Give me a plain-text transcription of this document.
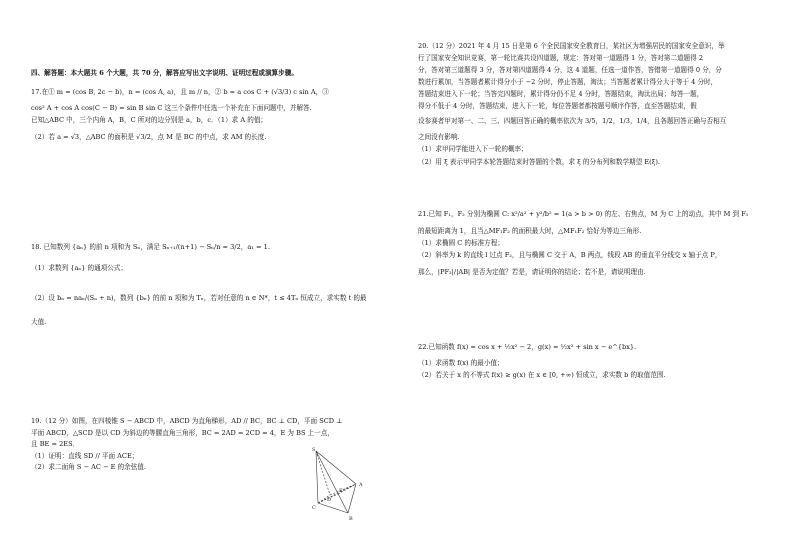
四、解答题：本大题共 6 个大题，共 70 分，解答应写出文字说明、证明过程或演算步骤。
17.在① m = (cos B, 2c − b)，n = (cos A, a)，且 m // n，② b = a cos C + (√3/3) c sin A，③
cos² A + cos A cos(C − B) = sin B sin C 这三个条件中任选一个补充在下面问题中，并解答.
已知△ABC 中，三个内角 A，B，C 所对的边分别是 a，b，c．（1）求 A 的值；
（2）若 a = √3，△ABC 的面积是 √3/2，点 M 是 BC 的中点，求 AM 的长度.
18. 已知数列 {aₙ} 的前 n 项和为 Sₙ，满足 Sₙ₊₁/(n+1) − Sₙ/n = 3/2，a₁ = 1.
（1）求数列 {aₙ} 的通项公式；
（2）设 bₙ = naₙ/(Sₙ + n)，数列 {bₙ} 的前 n 项和为 Tₙ，若对任意的 n ∈ N*，t ≤ 4Tₙ 恒成立，求实数 t 的最
大值.
19.（12 分）如图，在四棱锥 S − ABCD 中，ABCD 为直角梯形，AD // BC，BC ⊥ CD，平面 SCD ⊥
平面 ABCD，△SCD 是以 CD 为斜边的等腰直角三角形，BC = 2AD = 2CD = 4，E 为 BS 上一点，
且 BE = 2ES．
（1）证明：直线 SD // 平面 ACE；
（2）求二面角 S − AC − E 的余弦值.
S
A
B
C
D
E
20.（12 分）2021 年 4 月 15 日是第 6 个全民国家安全教育日，某社区为增强居民的国家安全意识，举
行了国家安全知识竞赛，第一轮比赛共设四道题，规定：答对第一道题得 1 分，答对第二道题得 2
分，答对第三道题得 3 分，答对第四道题得 4 分，这 4 道题，任选一道作答，答错第一道题得 0 分，分
数进行累加，当答题者累计得分小于 −2 分时，停止答题，淘汰；当答题者累计得分大于等于 4 分时，
答题结束进入下一轮；当答完四题时，累计得分仍不足 4 分时，答题结束，淘汰出局；每答一题，
得分不低于 4 分时，答题结束，进入下一轮，每位答题者都按题号顺序作答，直至答题结束，假
设参赛者甲对第一、二、三、四题回答正确的概率依次为 3/5，1/2，1/3，1/4，且各题回答正确与否相互
之间没有影响.
（1）求甲同学能进入下一轮的概率；
（2）用 ξ 表示甲同学本轮答题结束时答题的个数，求 ξ 的分布列和数学期望 E(ξ).
21.已知 F₁，F₂ 分别为椭圆 C: x²/a² + y²/b² = 1(a > b > 0) 的左、右焦点，M 为 C 上的动点，其中 M 到 F₁
的最短距离为 1，且当△MF₁F₂ 的面积最大时，△MF₁F₂ 恰好为等边三角形.
（1）求椭圆 C 的标准方程；
（2）斜率为 k 的直线 l 过点 F₂，且与椭圆 C 交于 A，B 两点，线段 AB 的垂直平分线交 x 轴于点 P，
那么，|PF₂|/|AB| 是否为定值？若是，请证明你的结论；若不是，请说明理由.
22.已知函数 f(x) = cos x + ½x² − 2，g(x) = ½x² + sin x − e^{bx}.
（1）求函数 f(x) 的最小值；
（2）若关于 x 的不等式 f(x) ≥ g(x) 在 x ∈ [0, +∞) 恒成立，求实数 b 的取值范围.
